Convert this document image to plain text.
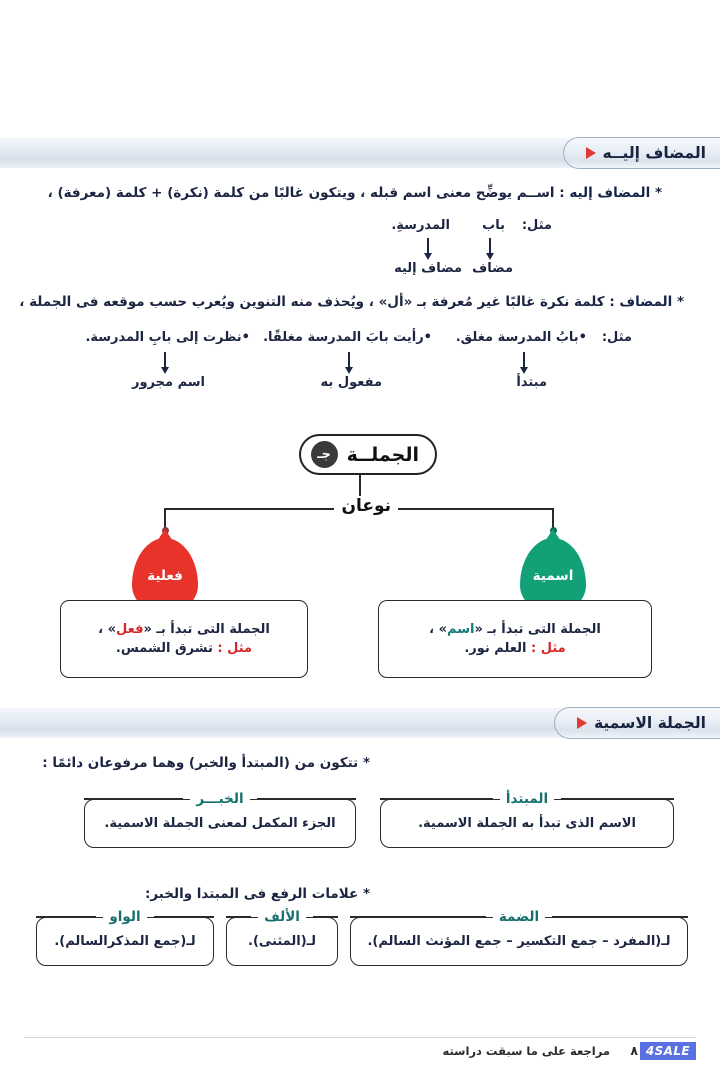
المضاف إليــه
* المضاف إليه : اســم يوضِّح معنى اسم قبله ، ويتكون غالبًا من كلمة (نكرة) + كلمة (معرفة) ،
مثل:
باب
المدرسةِ.
مضاف
مضاف إليه
* المضاف : كلمة نكرة غالبًا غير مُعرفة بـ «أل» ، ويُحذف منه التنوين ويُعرب حسب موقعه فى الجملة ،
مثل:
•بابُ المدرسة مغلق.
مبتدأ
•رأيت بابَ المدرسة مغلقًا.
مفعول به
•نظرت إلى بابِ المدرسة.
اسم مجرور
الجملــة
جـ
نوعان
فعلية	اسمية
الجملة التى تبدأ بـ «اسم» ،
مثل : العلم نور.
الجملة التى تبدأ بـ «فعل» ،
مثل : تشرق الشمس.
الجملة الاسمية
* تتكون من (المبتدأ والخبر) وهما مرفوعان دائمًا :
الاسم الذى تبدأ به الجملة الاسمية.
المبتدأ
الجزء المكمل لمعنى الجملة الاسمية.
الخبـــر
* علامات الرفع فى المبتدا والخبر:
لـ(المفرد – جمع التكسير – جمع المؤنث السالم).
الضمة
لـ(المثنى).
الألف
لـ(جمع المذكرالسالم).
الواو
مراجعة على ما سبقت دراسته ٨ 4SALE
